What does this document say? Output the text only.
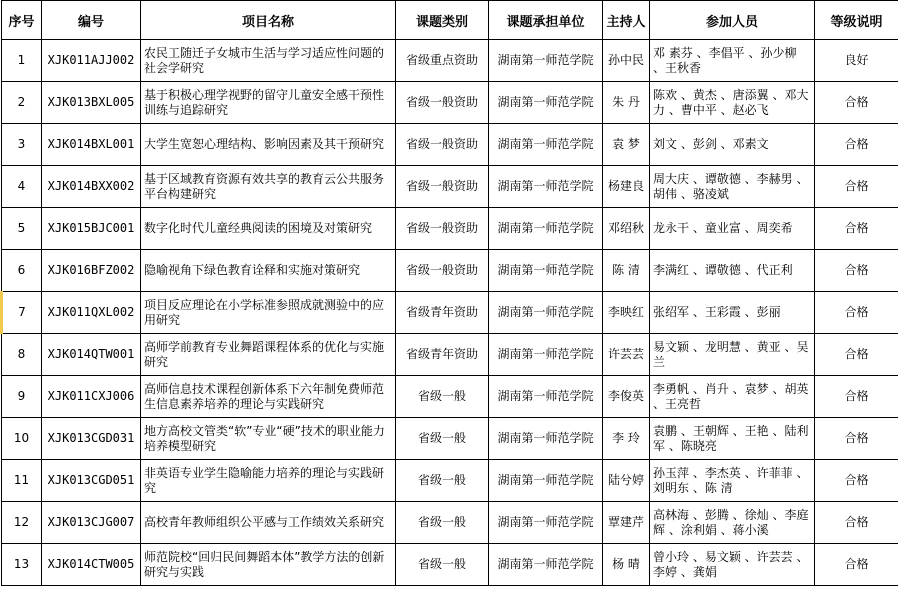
序号	编号	项目名称	课题类别	课题承担单位	主持人	参加人员	等级说明
1	XJK011AJJ002	农民工随迁子女城市生活与学习适应性问题的社会学研究	省级重点资助	湖南第一师范学院	孙中民	邓 素芬 、李倡平 、孙少柳 、王秋香	良好
2	XJK013BXL005	基于积极心理学视野的留守儿童安全感干预性训练与追踪研究	省级一般资助	湖南第一师范学院	朱 丹	陈欢 、黄杰 、唐添翼 、邓大力 、曹中平 、赵必飞	合格
3	XJK014BXL001	大学生宽恕心理结构、影响因素及其干预研究	省级一般资助	湖南第一师范学院	袁 梦	刘文 、彭剑 、邓素文	合格
4	XJK014BXX002	基于区域教育资源有效共享的教育云公共服务平台构建研究	省级一般资助	湖南第一师范学院	杨建良	周大庆 、谭敬德 、李赫男 、胡伟 、骆凌斌	合格
5	XJK015BJC001	数字化时代儿童经典阅读的困境及对策研究	省级一般资助	湖南第一师范学院	邓绍秋	龙永干 、童业富 、周奕希	合格
6	XJK016BFZ002	隐喻视角下绿色教育诠释和实施对策研究	省级一般资助	湖南第一师范学院	陈 清	李满红 、谭敬德 、代正利	合格
7	XJK011QXL002	项目反应理论在小学标准参照成就测验中的应用研究	省级青年资助	湖南第一师范学院	李映红	张绍军 、王彩霞 、彭丽	合格
8	XJK014QTW001	高师学前教育专业舞蹈课程体系的优化与实施研究	省级青年资助	湖南第一师范学院	许芸芸	易文颖 、龙明慧 、黄亚 、吴兰	合格
9	XJK011CXJ006	高师信息技术课程创新体系下六年制免费师范生信息素养培养的理论与实践研究	省级一般	湖南第一师范学院	李俊英	李勇帆 、肖升 、袁梦 、胡英 、王亮哲	合格
10	XJK013CGD031	地方高校文管类“软”专业“硬”技术的职业能力培养模型研究	省级一般	湖南第一师范学院	李 玲	袁鹏 、王朝辉 、王艳 、陆利军 、陈晓亮	合格
11	XJK013CGD051	非英语专业学生隐喻能力培养的理论与实践研究	省级一般	湖南第一师范学院	陆兮婷	孙玉萍 、李杰英 、许菲菲 、刘明东 、陈 清	合格
12	XJK013CJG007	高校青年教师组织公平感与工作绩效关系研究	省级一般	湖南第一师范学院	覃建芹	高林海 、彭腾 、徐灿 、李庭辉 、涂利娟 、蒋小溪	合格
13	XJK014CTW005	师范院校“回归民间舞蹈本体”教学方法的创新研究与实践	省级一般	湖南第一师范学院	杨 晴	曾小玲 、易文颖 、许芸芸 、李婷 、龚娟	合格
